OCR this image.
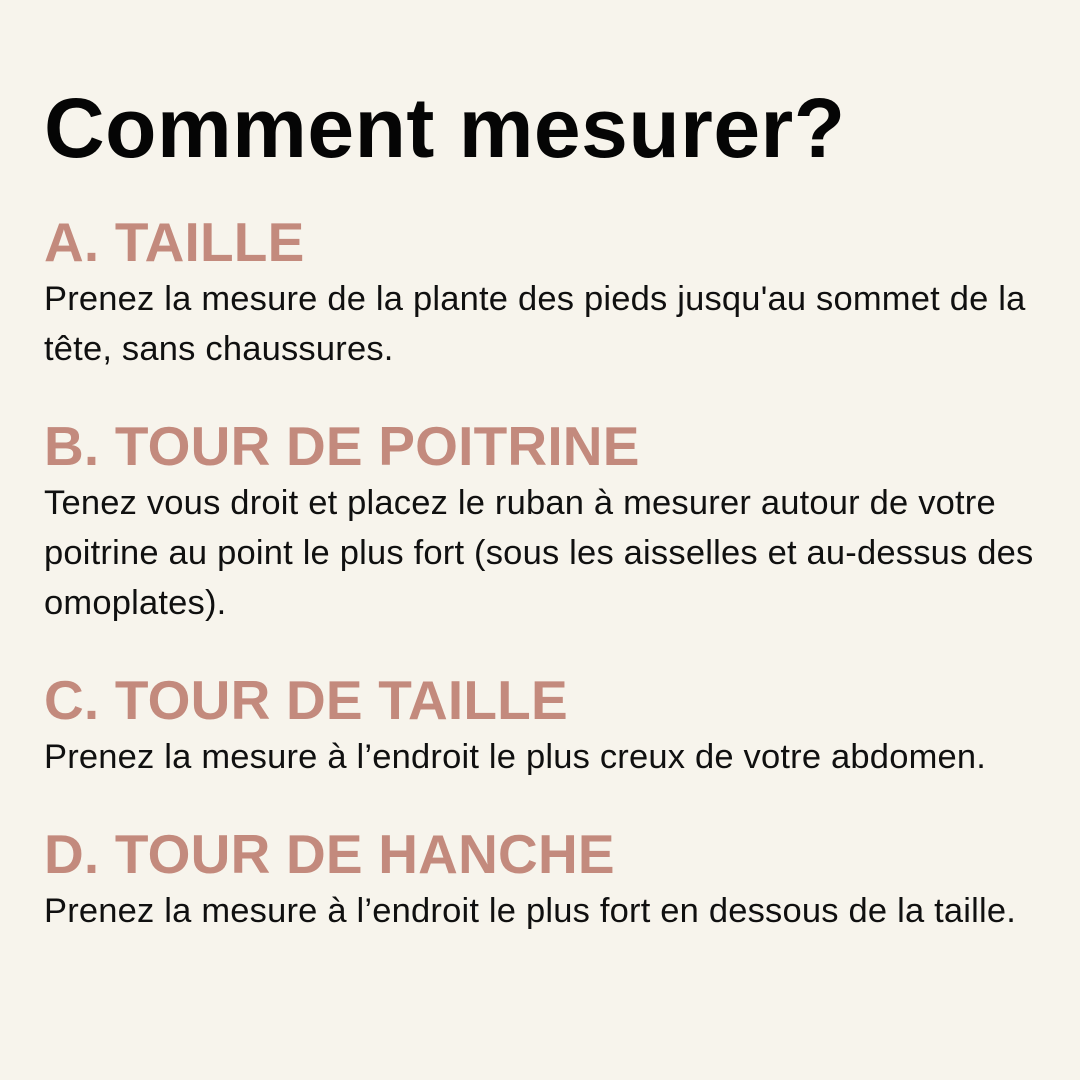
Comment mesurer?
A. TAILLE

Prenez la mesure de la plante des pieds jusqu'au sommet de la tête, sans chaussures.

B. TOUR DE POITRINE

Tenez vous droit et placez le ruban à mesurer autour de votre poitrine au point le plus fort (sous les aisselles et au-dessus des omoplates).

C. TOUR DE TAILLE

Prenez la mesure à l’endroit le plus creux de votre abdomen.

D. TOUR DE HANCHE

Prenez la mesure à l’endroit le plus fort en dessous de la taille.
